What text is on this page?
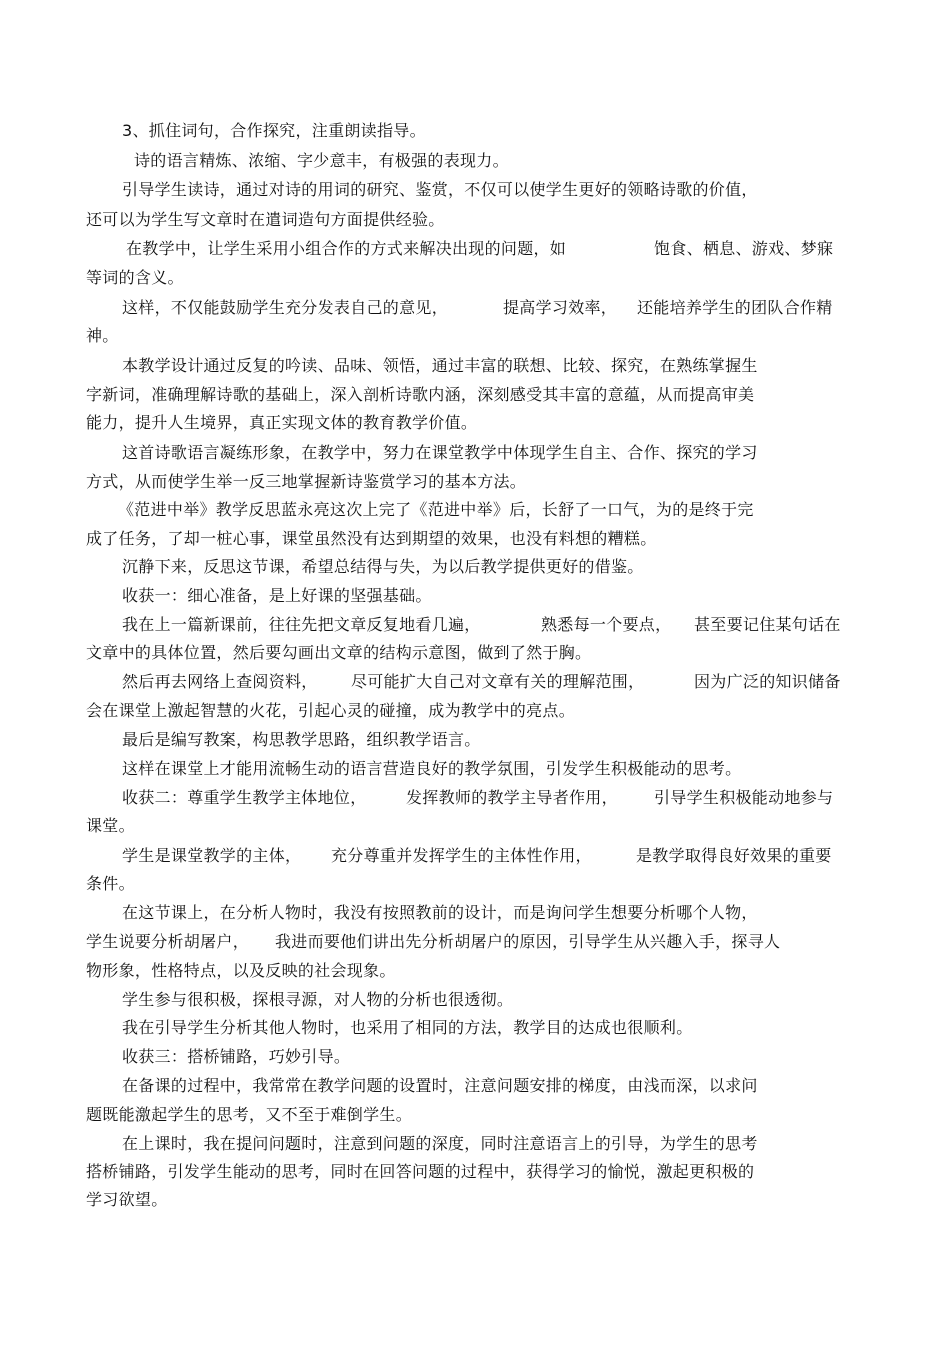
3、抓住词句，合作探究，注重朗读指导。
诗的语言精炼、浓缩、字少意丰，有极强的表现力。
引导学生读诗，通过对诗的用词的研究、鉴赏，不仅可以使学生更好的领略诗歌的价值，
还可以为学生写文章时在遣词造句方面提供经验。
在教学中，让学生采用小组合作的方式来解决出现的问题，如	饱食、栖息、游戏、梦寐
等词的含义。
这样，不仅能鼓励学生充分发表自己的意见，	提高学习效率， 还能培养学生的团队合作精
神。
本教学设计通过反复的吟读、品味、领悟，通过丰富的联想、比较、探究，在熟练掌握生
字新词，准确理解诗歌的基础上，深入剖析诗歌内涵，深刻感受其丰富的意蕴，从而提高审美
能力，提升人生境界，真正实现文体的教育教学价值。
这首诗歌语言凝练形象，在教学中，努力在课堂教学中体现学生自主、合作、探究的学习
方式，从而使学生举一反三地掌握新诗鉴赏学习的基本方法。
《范进中举》教学反思蓝永亮这次上完了《范进中举》后，长舒了一口气，为的是终于完
成了任务，了却一桩心事，课堂虽然没有达到期望的效果，也没有料想的糟糕。
沉静下来，反思这节课，希望总结得与失，为以后教学提供更好的借鉴。
收获一：细心准备，是上好课的坚强基础。
我在上一篇新课前，往往先把文章反复地看几遍，	熟悉每一个要点， 甚至要记住某句话在
文章中的具体位置，然后要勾画出文章的结构示意图，做到了然于胸。
然后再去网络上查阅资料， 尽可能扩大自己对文章有关的理解范围，	因为广泛的知识储备
会在课堂上激起智慧的火花，引起心灵的碰撞，成为教学中的亮点。
最后是编写教案，构思教学思路，组织教学语言。
这样在课堂上才能用流畅生动的语言营造良好的教学氛围，引发学生积极能动的思考。
收获二：尊重学生教学主体地位， 发挥教师的教学主导者作用， 引导学生积极能动地参与
课堂。
学生是课堂教学的主体， 充分尊重并发挥学生的主体性作用，	是教学取得良好效果的重要
条件。
在这节课上，在分析人物时，我没有按照教前的设计，而是询问学生想要分析哪个人物，
学生说要分析胡屠户， 我进而要他们讲出先分析胡屠户的原因，引导学生从兴趣入手，探寻人
物形象，性格特点，以及反映的社会现象。
学生参与很积极，探根寻源，对人物的分析也很透彻。
我在引导学生分析其他人物时，也采用了相同的方法，教学目的达成也很顺利。
收获三：搭桥铺路，巧妙引导。
在备课的过程中，我常常在教学问题的设置时，注意问题安排的梯度，由浅而深，以求问
题既能激起学生的思考，又不至于难倒学生。
在上课时，我在提问问题时，注意到问题的深度，同时注意语言上的引导，为学生的思考
搭桥铺路，引发学生能动的思考，同时在回答问题的过程中，获得学习的愉悦，激起更积极的
学习欲望。
